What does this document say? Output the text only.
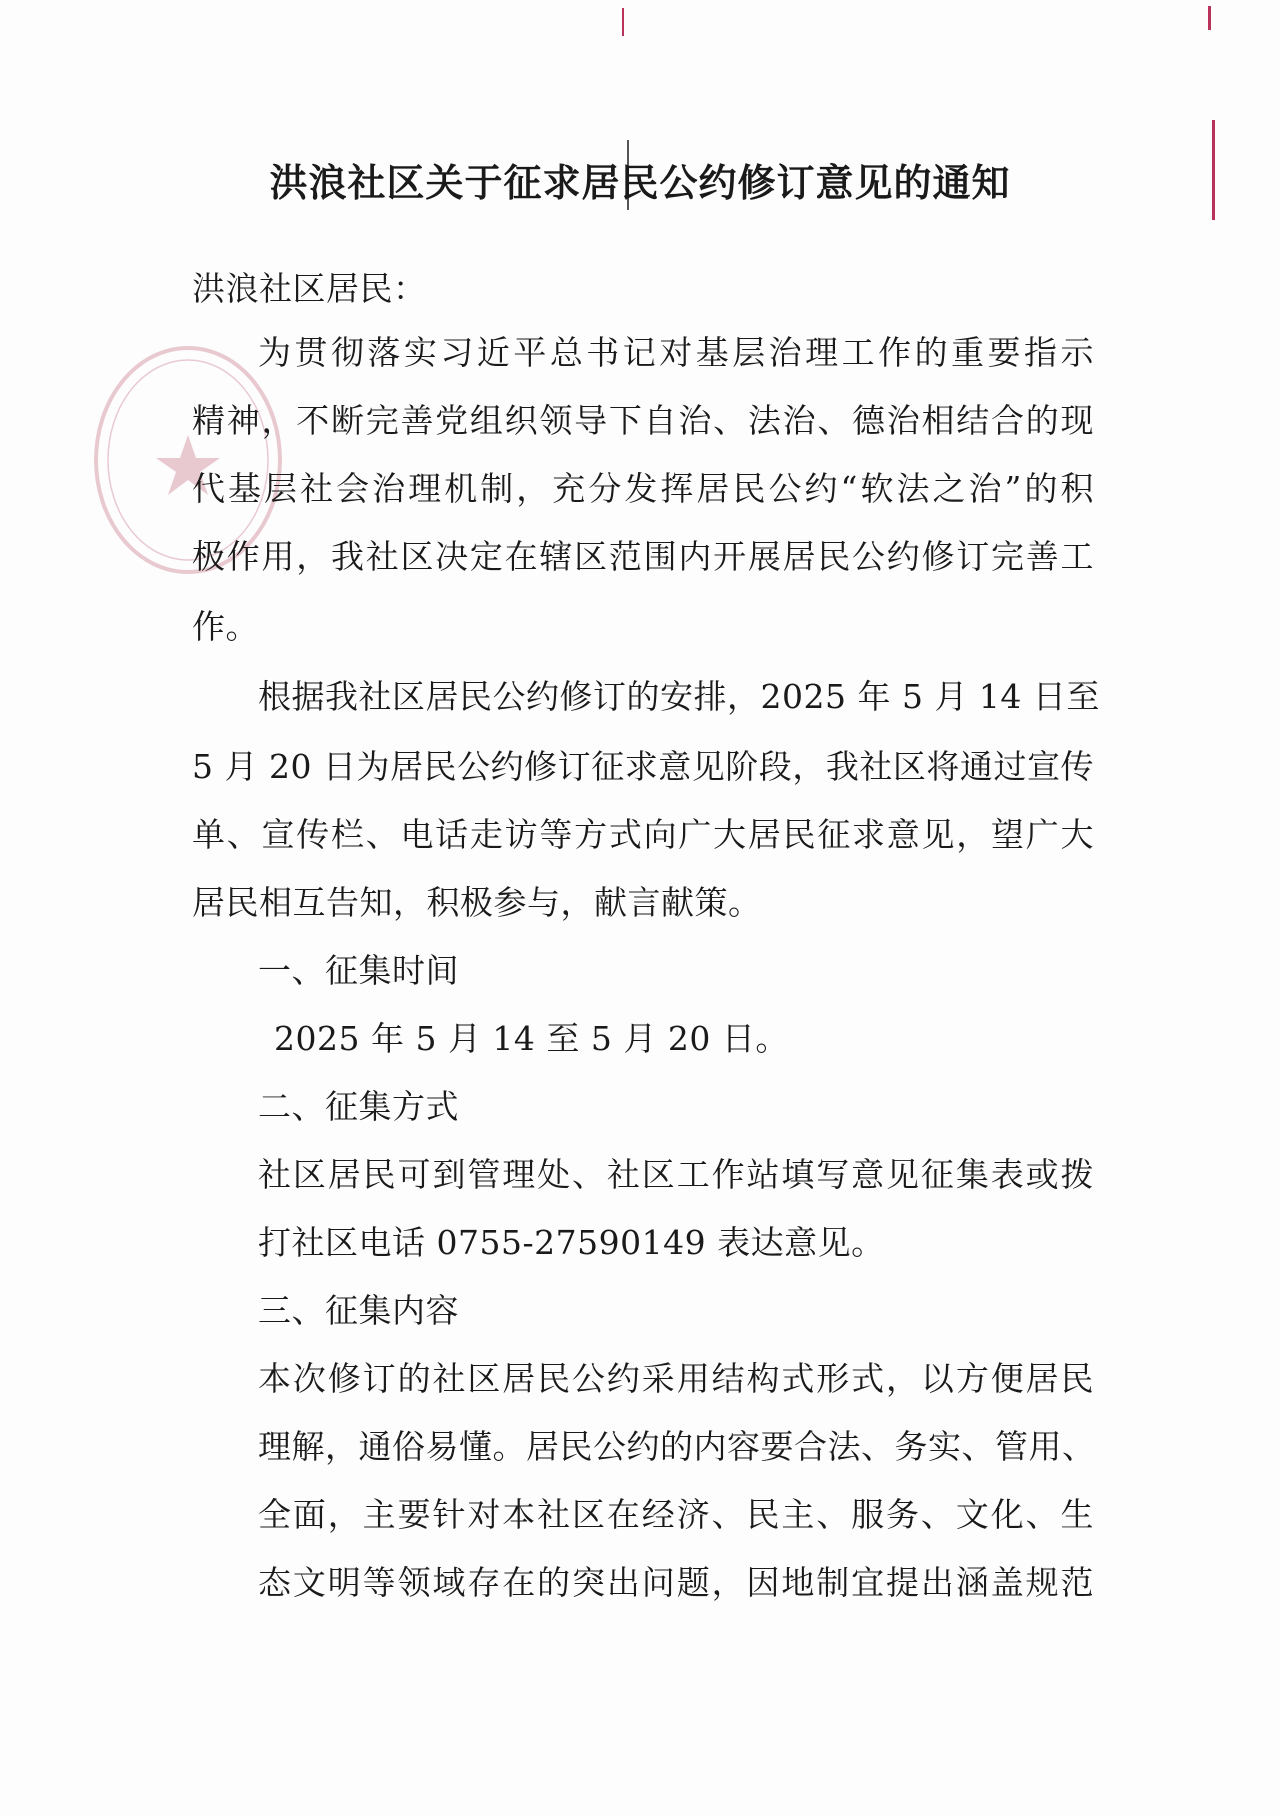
洪浪社区关于征求居民公约修订意见的通知
洪浪社区居民：
为贯彻落实习近平总书记对基层治理工作的重要指示
精神，不断完善党组织领导下自治、法治、德治相结合的现
代基层社会治理机制，充分发挥居民公约“软法之治”的积
极作用，我社区决定在辖区范围内开展居民公约修订完善工
作。
根据我社区居民公约修订的安排，2025 年 5 月 14 日至
5 月 20 日为居民公约修订征求意见阶段，我社区将通过宣传
单、宣传栏、电话走访等方式向广大居民征求意见，望广大
居民相互告知，积极参与，献言献策。
一、征集时间
2025 年 5 月 14 至 5 月 20 日。
二、征集方式
社区居民可到管理处、社区工作站填写意见征集表或拨
打社区电话 0755-27590149 表达意见。
三、征集内容
本次修订的社区居民公约采用结构式形式，以方便居民
理解，通俗易懂。居民公约的内容要合法、务实、管用、
全面，主要针对本社区在经济、民主、服务、文化、生
态文明等领域存在的突出问题，因地制宜提出涵盖规范
